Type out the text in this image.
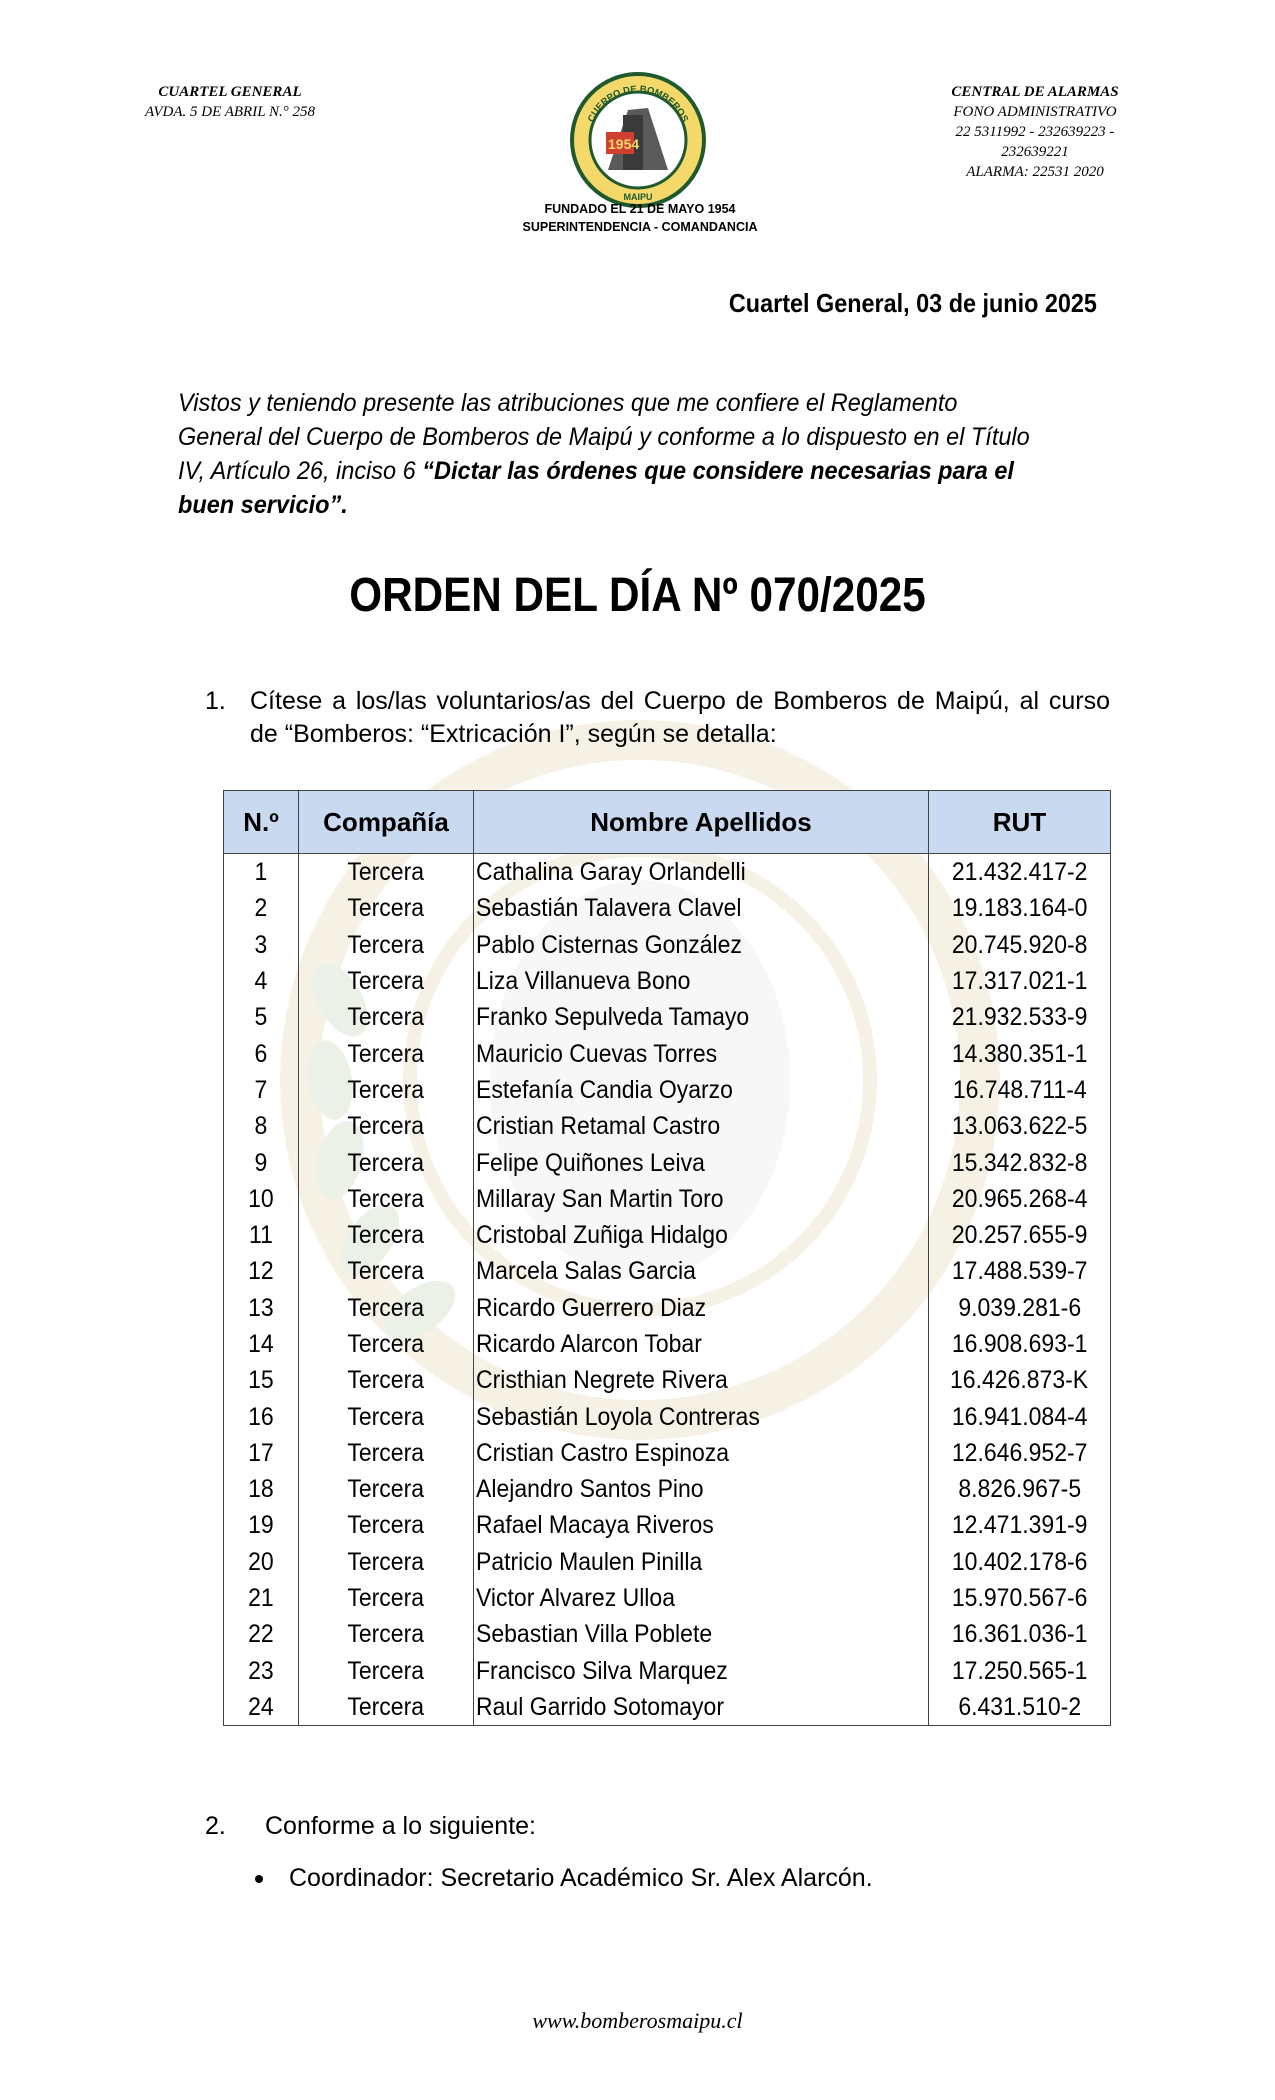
CUARTEL GENERAL
AVDA. 5 DE ABRIL N.° 258
1954
CUERPO DE BOMBEROS
MAIPU
FUNDADO EL 21 DE MAYO 1954
SUPERINTENDENCIA - COMANDANCIA
CENTRAL DE ALARMAS
FONO ADMINISTRATIVO
22 5311992 - 232639223 -
232639221
ALARMA: 22531 2020
Cuartel General, 03 de junio 2025
Vistos y teniendo presente las atribuciones que me confiere el Reglamento General del Cuerpo de Bomberos de Maipú y conforme a lo dispuesto en el Título IV, Artículo 26, inciso 6 “Dictar las órdenes que considere necesarias para el buen servicio”.
ORDEN DEL DÍA Nº 070/2025
1. Cítese a los/las voluntarios/as del Cuerpo de Bomberos de Maipú, al curso de “Bomberos: “Extricación I”, según se detalla:
N.º	Compañía	Nombre Apellidos	RUT
1	Tercera	Cathalina Garay Orlandelli	21.432.417-2
2	Tercera	Sebastián Talavera Clavel	19.183.164-0
3	Tercera	Pablo Cisternas González	20.745.920-8
4	Tercera	Liza Villanueva Bono	17.317.021-1
5	Tercera	Franko Sepulveda Tamayo	21.932.533-9
6	Tercera	Mauricio Cuevas Torres	14.380.351-1
7	Tercera	Estefanía Candia Oyarzo	16.748.711-4
8	Tercera	Cristian Retamal Castro	13.063.622-5
9	Tercera	Felipe Quiñones Leiva	15.342.832-8
10	Tercera	Millaray San Martin Toro	20.965.268-4
11	Tercera	Cristobal Zuñiga Hidalgo	20.257.655-9
12	Tercera	Marcela Salas Garcia	17.488.539-7
13	Tercera	Ricardo Guerrero Diaz	9.039.281-6
14	Tercera	Ricardo Alarcon Tobar	16.908.693-1
15	Tercera	Cristhian Negrete Rivera	16.426.873-K
16	Tercera	Sebastián Loyola Contreras	16.941.084-4
17	Tercera	Cristian Castro Espinoza	12.646.952-7
18	Tercera	Alejandro Santos Pino	8.826.967-5
19	Tercera	Rafael Macaya Riveros	12.471.391-9
20	Tercera	Patricio Maulen Pinilla	10.402.178-6
21	Tercera	Victor Alvarez Ulloa	15.970.567-6
22	Tercera	Sebastian Villa Poblete	16.361.036-1
23	Tercera	Francisco Silva Marquez	17.250.565-1
24	Tercera	Raul Garrido Sotomayor	6.431.510-2
2. Conforme a lo siguiente:
Coordinador: Secretario Académico Sr. Alex Alarcón.
www.bomberosmaipu.cl
